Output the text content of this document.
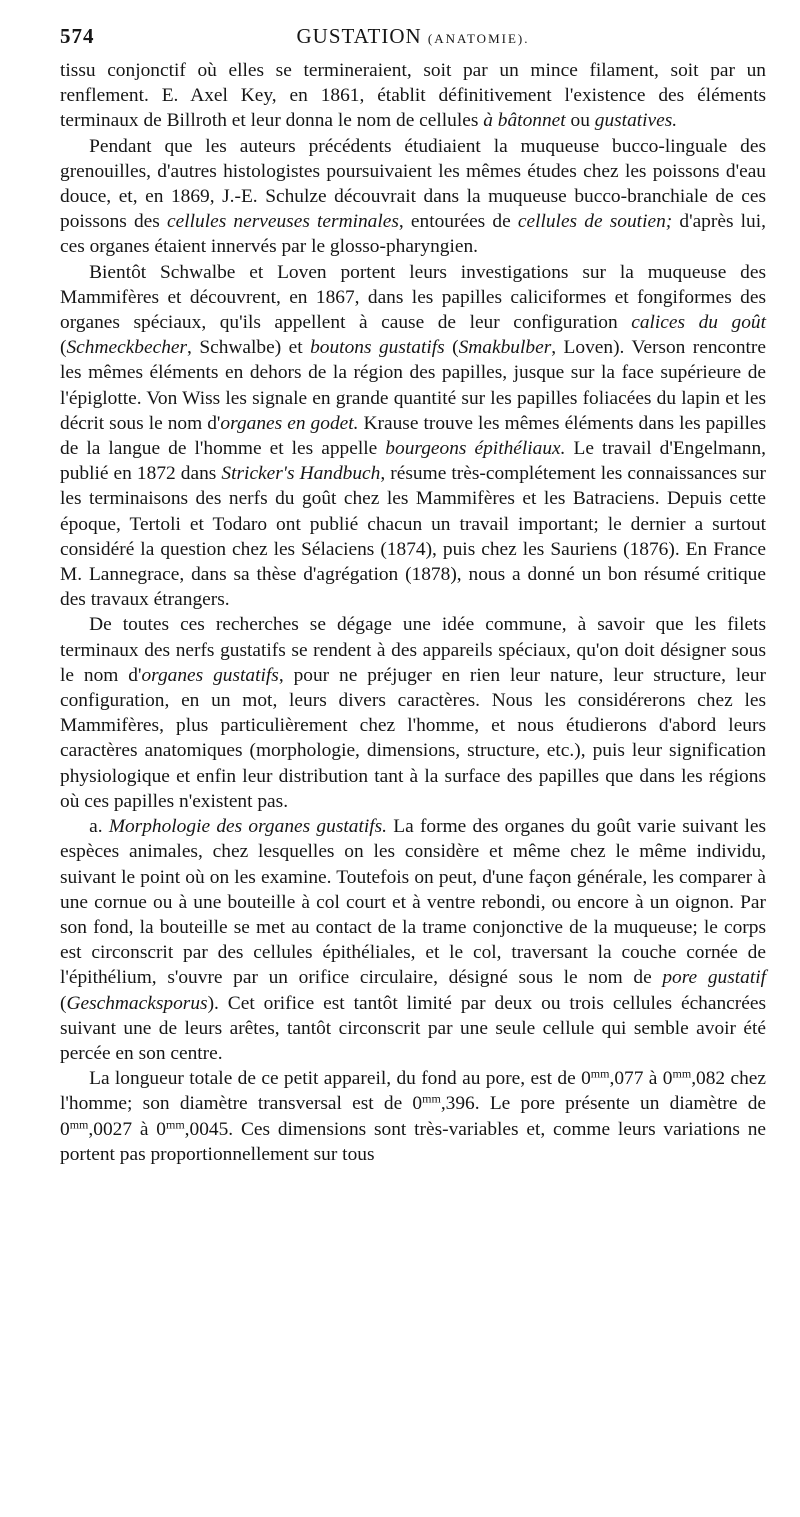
574	GUSTATION (ANATOMIE).

tissu conjonctif où elles se termineraient, soit par un mince filament, soit par un renflement. E. Axel Key, en 1861, établit définitivement l'existence des éléments terminaux de Billroth et leur donna le nom de cellules à bâtonnet ou gustatives.

Pendant que les auteurs précédents étudiaient la muqueuse bucco-linguale des grenouilles, d'autres histologistes poursuivaient les mêmes études chez les poissons d'eau douce, et, en 1869, J.-E. Schulze découvrait dans la muqueuse bucco-branchiale de ces poissons des cellules nerveuses terminales, entourées de cellules de soutien; d'après lui, ces organes étaient innervés par le glosso-pharyngien.

Bientôt Schwalbe et Loven portent leurs investigations sur la muqueuse des Mammifères et découvrent, en 1867, dans les papilles caliciformes et fongiformes des organes spéciaux, qu'ils appellent à cause de leur configuration calices du goût (Schmeckbecher, Schwalbe) et boutons gustatifs (Smakbulber, Loven). Verson rencontre les mêmes éléments en dehors de la région des papilles, jusque sur la face supérieure de l'épiglotte. Von Wiss les signale en grande quantité sur les papilles foliacées du lapin et les décrit sous le nom d'organes en godet. Krause trouve les mêmes éléments dans les papilles de la langue de l'homme et les appelle bourgeons épithéliaux. Le travail d'Engelmann, publié en 1872 dans Stricker's Handbuch, résume très-complétement les connaissances sur les terminaisons des nerfs du goût chez les Mammifères et les Batraciens. Depuis cette époque, Tertoli et Todaro ont publié chacun un travail important; le dernier a surtout considéré la question chez les Sélaciens (1874), puis chez les Sauriens (1876). En France M. Lannegrace, dans sa thèse d'agrégation (1878), nous a donné un bon résumé critique des travaux étrangers.

De toutes ces recherches se dégage une idée commune, à savoir que les filets terminaux des nerfs gustatifs se rendent à des appareils spéciaux, qu'on doit désigner sous le nom d'organes gustatifs, pour ne préjuger en rien leur nature, leur structure, leur configuration, en un mot, leurs divers caractères. Nous les considérerons chez les Mammifères, plus particulièrement chez l'homme, et nous étudierons d'abord leurs caractères anatomiques (morphologie, dimensions, structure, etc.), puis leur signification physiologique et enfin leur distribution tant à la surface des papilles que dans les régions où ces papilles n'existent pas.

a. Morphologie des organes gustatifs. La forme des organes du goût varie suivant les espèces animales, chez lesquelles on les considère et même chez le même individu, suivant le point où on les examine. Toutefois on peut, d'une façon générale, les comparer à une cornue ou à une bouteille à col court et à ventre rebondi, ou encore à un oignon. Par son fond, la bouteille se met au contact de la trame conjonctive de la muqueuse; le corps est circonscrit par des cellules épithéliales, et le col, traversant la couche cornée de l'épithélium, s'ouvre par un orifice circulaire, désigné sous le nom de pore gustatif (Geschmacksporus). Cet orifice est tantôt limité par deux ou trois cellules échancrées suivant une de leurs arêtes, tantôt circonscrit par une seule cellule qui semble avoir été percée en son centre.

La longueur totale de ce petit appareil, du fond au pore, est de $0^{mm},077$ à $0^{mm},082$ chez l'homme; son diamètre transversal est de $0^{mm},396$. Le pore présente un diamètre de $0^{mm},0027$ à $0^{mm},0045$. Ces dimensions sont très-variables et, comme leurs variations ne portent pas proportionnellement sur tous
